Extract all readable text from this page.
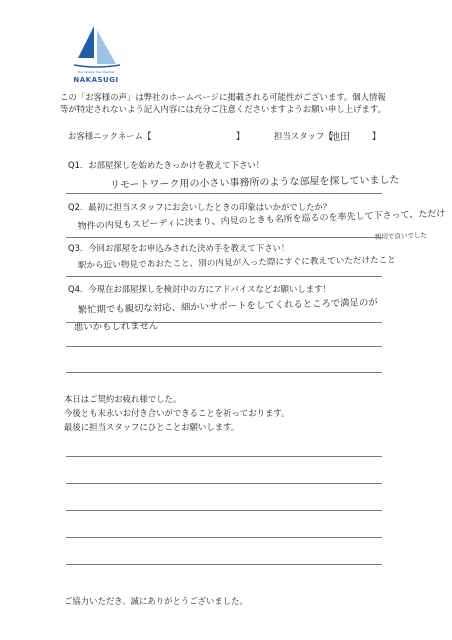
Your Guide Your Partner
NAKASUGI
この「お客様の声」は弊社のホームページに掲載される可能性がございます。個人情報
等が特定されないよう記入内容には充分ご注意くださいますようお願い申し上げます。
お客様ニックネーム【	】	担当スタッフ【
池田	】
Q1．お部屋探しを始めたきっかけを教えて下さい！
リモートワーク用の小さい事務所のような部屋を探していました
Q2．最初に担当スタッフにお会いしたときの印象はいかがでしたか？
物件の内見もスピーディに決まり、内見のときも名所を巡るのを率先して下さって、ただけ
親切で良いでした
Q3．今回お部屋をお申込みされた決め手を教えて下さい！
駅から近い物見であおたこと、別の内見が入った際にすぐに教えていただけたこと
Q4．今現在お部屋探しを検討中の方にアドバイスなどお願いします！
繁忙期でも親切な対応、細かいサポートをしてくれるところで満足のが
悪いかもしれません
本日はご契約お疲れ様でした。
今後とも末永いお付き合いができることを祈っております。
最後に担当スタッフにひとことお願いします。
ご協力いただき、誠にありがとうございました。
